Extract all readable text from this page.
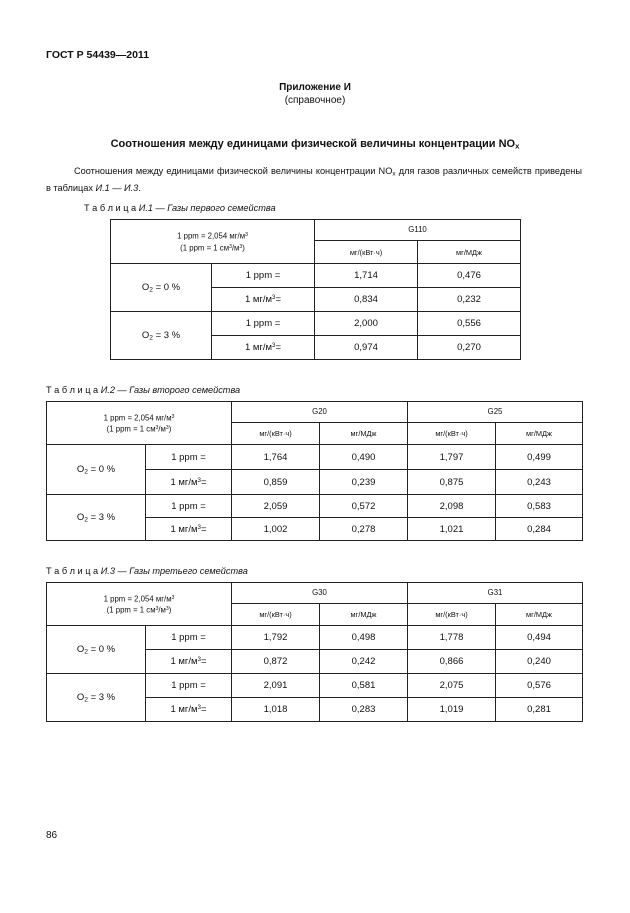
ГОСТ Р 54439—2011
Приложение И
(справочное)
Соотношения между единицами физической величины концентрации $NO_x$
Соотношения между единицами физической величины концентрации $NO_x$ для газов различных семейств приведены в таблицах И.1 — И.3.
Т а б л и ц а И.1 — Газы первого семейства
1 ppm = 2,054 $мг/м^3$
(1 ppm = 1 $см^3/м^3$)		G110	
		мг/(кВт·ч)	мг/МДж
$O_2 = 0$ %	1 ppm =	1,714	0,476
	1 $мг/м^3=$	0,834	0,232
$O_2 = 3$ %	1 ppm =	2,000	0,556
	1 $мг/м^3=$	0,974	0,270
Т а б л и ц а И.2 — Газы второго семейства
1 ppm = 2,054 $мг/м^3$
(1 ppm = 1 $см^3/м^3$)		G20		G25	
		мг/(кВт·ч)	мг/МДж	мг/(кВт·ч)	мг/МДж
$O_2 = 0$ %	1 ppm =	1,764	0,490	1,797	0,499
	1 $мг/м^3=$	0,859	0,239	0,875	0,243
$O_2 = 3$ %	1 ppm =	2,059	0,572	2,098	0,583
	1 $мг/м^3=$	1,002	0,278	1,021	0,284
Т а б л и ц а И.3 — Газы третьего семейства
1 ppm = 2,054 $мг/м^3$
(1 ppm = 1 $см^3/м^3$)		G30		G31	
		мг/(кВт·ч)	мг/МДж	мг/(кВт·ч)	мг/МДж
$O_2 = 0$ %	1 ppm =	1,792	0,498	1,778	0,494
	1 $мг/м^3=$	0,872	0,242	0,866	0,240
$O_2 = 3$ %	1 ppm =	2,091	0,581	2,075	0,576
	1 $мг/м^3=$	1,018	0,283	1,019	0,281
86
